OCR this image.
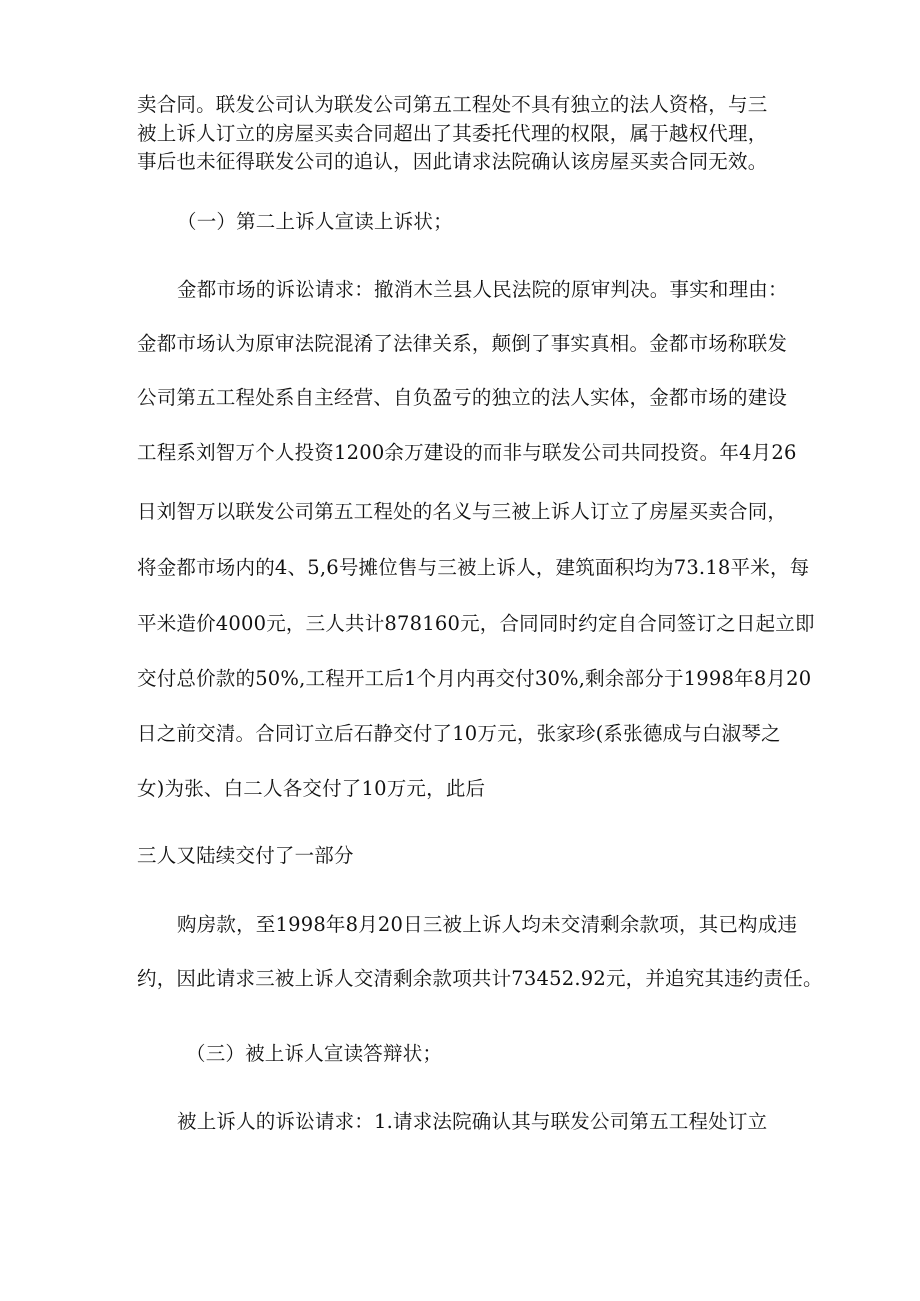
卖合同。联发公司认为联发公司第五工程处不具有独立的法人资格，与三
被上诉人订立的房屋买卖合同超出了其委托代理的权限，属于越权代理，
事后也未征得联发公司的追认，因此请求法院确认该房屋买卖合同无效。
（一）第二上诉人宣读上诉状；
金都市场的诉讼请求：撤消木兰县人民法院的原审判决。事实和理由：
金都市场认为原审法院混淆了法律关系，颠倒了事实真相。金都市场称联发
公司第五工程处系自主经营、自负盈亏的独立的法人实体，金都市场的建设
工程系刘智万个人投资1200余万建设的而非与联发公司共同投资。年4月26
日刘智万以联发公司第五工程处的名义与三被上诉人订立了房屋买卖合同，
将金都市场内的4、5,6号摊位售与三被上诉人，建筑面积均为73.18平米，每
平米造价4000元，三人共计878160元，合同同时约定自合同签订之日起立即
交付总价款的50%,工程开工后1个月内再交付30%,剩余部分于1998年8月20
日之前交清。合同订立后石静交付了10万元，张家珍(系张德成与白淑琴之
女)为张、白二人各交付了10万元，此后
三人又陆续交付了一部分
购房款，至1998年8月20日三被上诉人均未交清剩余款项，其已构成违
约，因此请求三被上诉人交清剩余款项共计73452.92元，并追究其违约责任。
（三）被上诉人宣读答辩状；
被上诉人的诉讼请求：1.请求法院确认其与联发公司第五工程处订立
